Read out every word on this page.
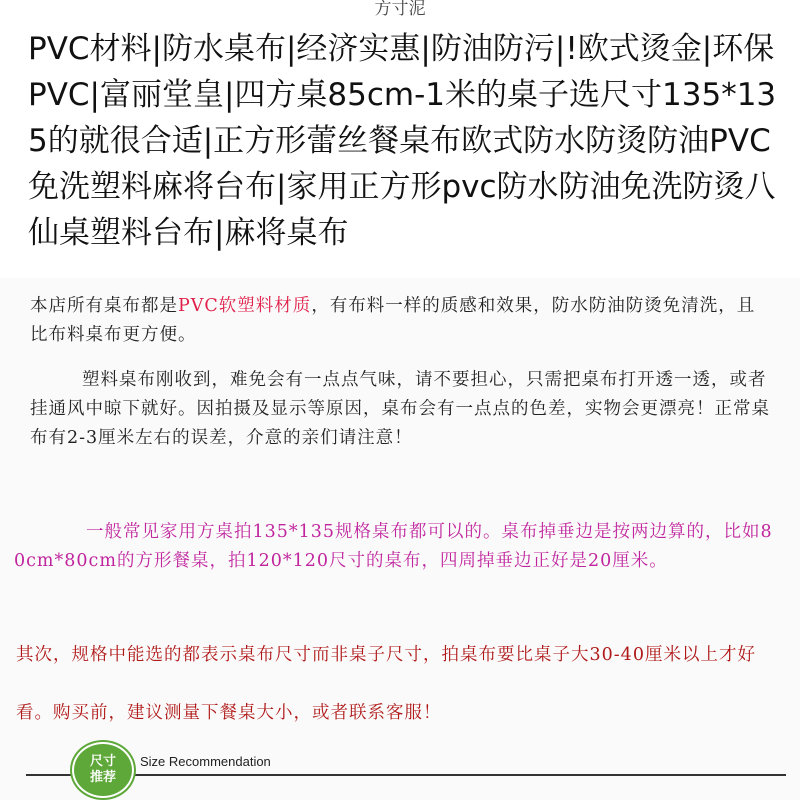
方寸泥
PVC材料|防水桌布|经济实惠|防油防污|!欧式烫金|环保PVC|富丽堂皇|四方桌85cm-1米的桌子选尺寸135*135的就很合适|正方形蕾丝餐桌布欧式防水防烫防油PVC免洗塑料麻将台布|家用正方形pvc防水防油免洗防烫八仙桌塑料台布|麻将桌布

本店所有桌布都是PVC软塑料材质，有布料一样的质感和效果，防水防油防烫免清洗，且比布料桌布更方便。

塑料桌布刚收到，难免会有一点点气味，请不要担心，只需把桌布打开透一透，或者挂通风中晾下就好。因拍摄及显示等原因，桌布会有一点点的色差，实物会更漂亮！正常桌布有2-3厘米左右的误差，介意的亲们请注意！

一般常见家用方桌拍135*135规格桌布都可以的。桌布掉垂边是按两边算的，比如80cm*80cm的方形餐桌，拍120*120尺寸的桌布，四周掉垂边正好是20厘米。

其次，规格中能选的都表示桌布尺寸而非桌子尺寸，拍桌布要比桌子大30-40厘米以上才好看。购买前，建议测量下餐桌大小，或者联系客服！

尺寸
推荐
Size Recommendation
